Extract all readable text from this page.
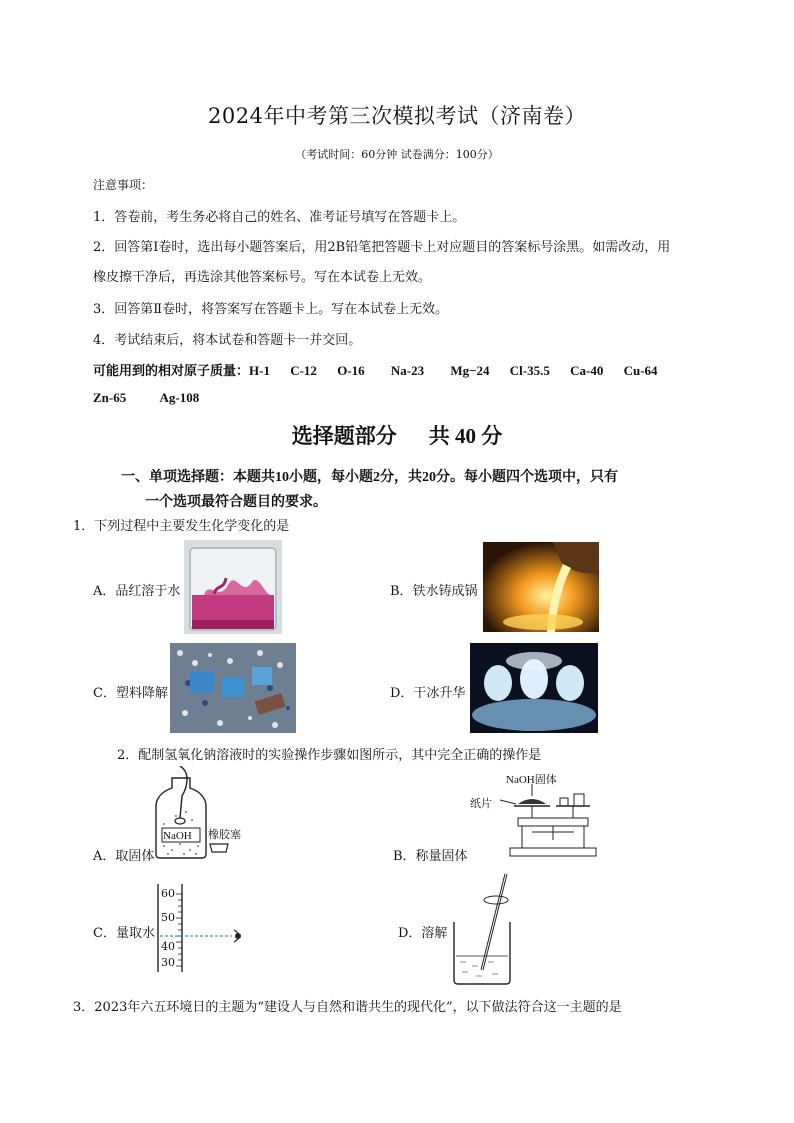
2024年中考第三次模拟考试（济南卷）
（考试时间：60分钟 试卷满分：100分）
注意事项：
1．答卷前，考生务必将自己的姓名、准考证号填写在答题卡上。
2．回答第Ⅰ卷时，选出每小题答案后，用2B铅笔把答题卡上对应题目的答案标号涂黑。如需改动，用
橡皮擦干净后，再选涂其他答案标号。写在本试卷上无效。
3．回答第Ⅱ卷时，将答案写在答题卡上。写在本试卷上无效。
4．考试结束后，将本试卷和答题卡一并交回。
可能用到的相对原子质量：H-1 C-12 O-16 Na-23 Mg−24 Cl-35.5 Ca-40 Cu-64
Zn-65	Ag-108
选择题部分 共 40 分
一、单项选择题：本题共10小题，每小题2分，共20分。每小题四个选项中，只有
一个选项最符合题目的要求。
1．下列过程中主要发生化学变化的是
A．品红溶于水	B．铁水铸成锅
C．塑料降解	D．干冰升华
2．配制氢氧化钠溶液时的实验操作步骤如图所示，其中完全正确的操作是
A．取固体
NaOH 橡胶塞
B．称量固体
NaOH固体
纸片
C．量取水
60
50
40
30
D．溶解
3．2023年六五环境日的主题为“建设人与自然和谐共生的现代化”，以下做法符合这一主题的是
